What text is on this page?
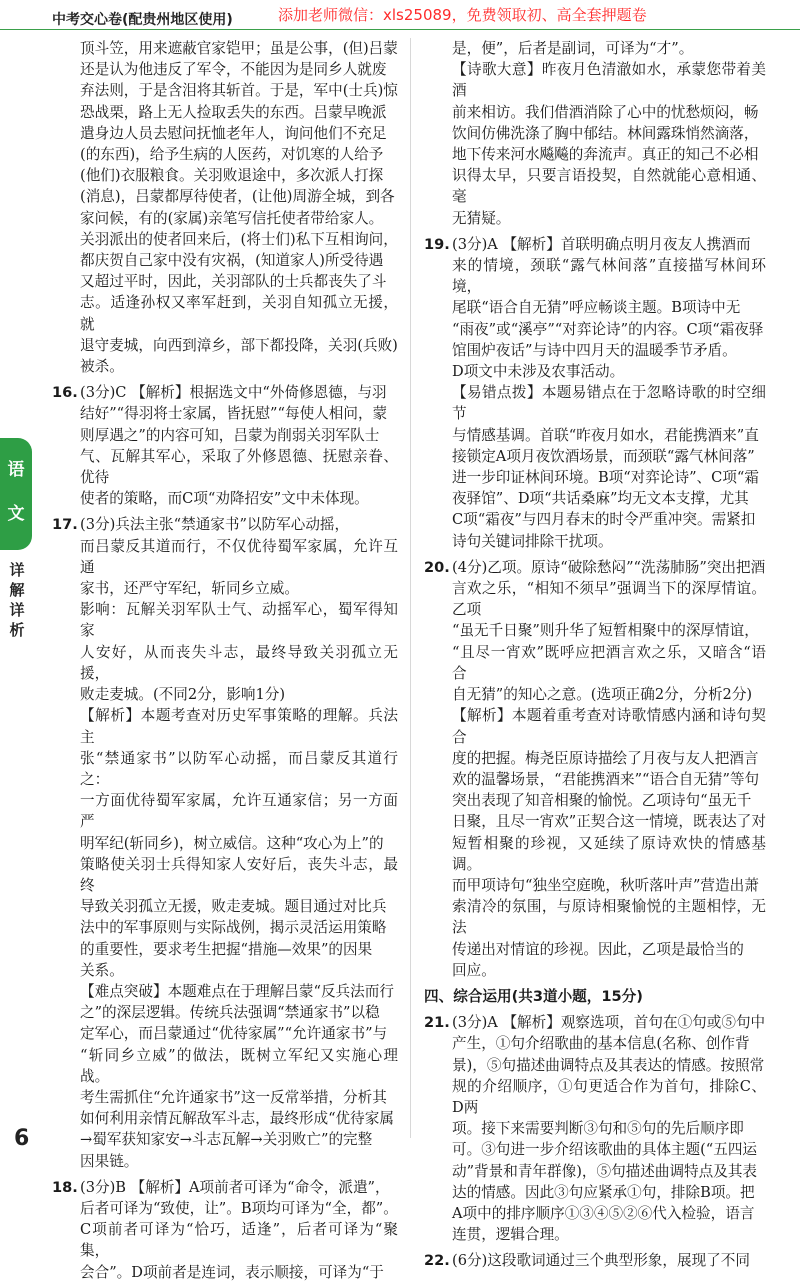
中考交心卷(配贵州地区使用)	添加老师微信：xls25089，免费领取初、高全套押题卷
语
文
详
解
详
析

顶斗笠，用来遮蔽官家铠甲；虽是公事，(但)吕蒙

还是认为他违反了军令，不能因为是同乡人就废

弃法则，于是含泪将其斩首。于是，军中(士兵)惊

恐战栗，路上无人捡取丢失的东西。吕蒙早晚派

遣身边人员去慰问抚恤老年人，询问他们不充足

(的东西)，给予生病的人医药，对饥寒的人给予

(他们)衣服粮食。关羽败退途中，多次派人打探

(消息)，吕蒙都厚待使者，(让他)周游全城，到各

家问候，有的(家属)亲笔写信托使者带给家人。

关羽派出的使者回来后，(将士们)私下互相询问，

都庆贺自己家中没有灾祸，(知道家人)所受待遇

又超过平时，因此，关羽部队的士兵都丧失了斗

志。适逢孙权又率军赶到，关羽自知孤立无援，就

退守麦城，向西到漳乡，部下都投降，关羽(兵败)

被杀。

16. (3分)C 【解析】根据选文中“外倚修恩德，与羽

结好”“得羽将士家属，皆抚慰”“每使人相问，蒙

则厚遇之”的内容可知，吕蒙为削弱关羽军队士

气、瓦解其军心，采取了外修恩德、抚慰亲眷、优待

使者的策略，而C项“劝降招安”文中未体现。

17. (3分)兵法主张“禁通家书”以防军心动摇，

而吕蒙反其道而行，不仅优待蜀军家属，允许互通

家书，还严守军纪，斩同乡立威。

影响：瓦解关羽军队士气、动摇军心，蜀军得知家

人安好，从而丧失斗志，最终导致关羽孤立无援，

败走麦城。(不同2分，影响1分)

【解析】本题考查对历史军事策略的理解。兵法主

张“禁通家书”以防军心动摇，而吕蒙反其道行之：

一方面优待蜀军家属，允许互通家信；另一方面严

明军纪(斩同乡)，树立威信。这种“攻心为上”的

策略使关羽士兵得知家人安好后，丧失斗志，最终

导致关羽孤立无援，败走麦城。题目通过对比兵

法中的军事原则与实际战例，揭示灵活运用策略

的重要性，要求考生把握“措施—效果”的因果

关系。

【难点突破】本题难点在于理解吕蒙“反兵法而行

之”的深层逻辑。传统兵法强调“禁通家书”以稳

定军心，而吕蒙通过“优待家属”“允许通家书”与

“斩同乡立威”的做法，既树立军纪又实施心理战。

考生需抓住“允许通家书”这一反常举措，分析其

如何利用亲情瓦解敌军斗志，最终形成“优待家属

→蜀军获知家安→斗志瓦解→关羽败亡”的完整

因果链。

18. (3分)B 【解析】A项前者可译为“命令，派遣”，

后者可译为“致使，让”。B项均可译为“全，都”。

C项前者可译为“恰巧，适逢”，后者可译为“聚集，

会合”。D项前者是连词，表示顺接，可译为“于

是，便”，后者是副词，可译为“才”。

【诗歌大意】昨夜月色清澈如水，承蒙您带着美酒

前来相访。我们借酒消除了心中的忧愁烦闷，畅

饮间仿佛洗涤了胸中郁结。林间露珠悄然滴落，

地下传来河水飚飚的奔流声。真正的知己不必相

识得太早，只要言语投契，自然就能心意相通、毫

无猜疑。

19. (3分)A 【解析】首联明确点明月夜友人携酒而

来的情境，颈联“露气林间落”直接描写林间环境，

尾联“语合自无猜”呼应畅谈主题。B项诗中无

“雨夜”或“溪亭”“对弈论诗”的内容。C项“霜夜驿

馆围炉夜话”与诗中四月天的温暖季节矛盾。

D项文中未涉及农事活动。

【易错点拨】本题易错点在于忽略诗歌的时空细节

与情感基调。首联“昨夜月如水，君能携酒来”直

接锁定A项月夜饮酒场景，而颈联“露气林间落”

进一步印证林间环境。B项“对弈论诗”、C项“霜

夜驿馆”、D项“共话桑麻”均无文本支撑，尤其

C项“霜夜”与四月春末的时令严重冲突。需紧扣

诗句关键词排除干扰项。

20. (4分)乙项。原诗“破除愁闷”“洗荡肺肠”突出把酒

言欢之乐，“相知不须早”强调当下的深厚情谊。乙项

“虽无千日聚”则升华了短暂相聚中的深厚情谊，

“且尽一宵欢”既呼应把酒言欢之乐，又暗含“语合

自无猜”的知心之意。(选项正确2分，分析2分)

【解析】本题着重考查对诗歌情感内涵和诗句契合

度的把握。梅尧臣原诗描绘了月夜与友人把酒言

欢的温馨场景，“君能携酒来”“语合自无猜”等句

突出表现了知音相聚的愉悦。乙项诗句“虽无千

日聚，且尽一宵欢”正契合这一情境，既表达了对

短暂相聚的珍视，又延续了原诗欢快的情感基调。

而甲项诗句“独坐空庭晚，秋听落叶声”营造出萧

索清冷的氛围，与原诗相聚愉悦的主题相悖，无法

传递出对情谊的珍视。因此，乙项是最恰当的

回应。

四、综合运用(共3道小题，15分)

21. (3分)A 【解析】观察选项，首句在①句或⑤句中

产生，①句介绍歌曲的基本信息(名称、创作背

景)，⑤句描述曲调特点及其表达的情感。按照常

规的介绍顺序，①句更适合作为首句，排除C、D两

项。接下来需要判断③句和⑤句的先后顺序即

可。③句进一步介绍该歌曲的具体主题(“五四运

动”背景和青年群像)，⑤句描述曲调特点及其表

达的情感。因此③句应紧承①句，排除B项。把

A项中的排序顺序①③④⑤②⑥代入检验，语言

连贯，逻辑合理。

22. (6分)这段歌词通过三个典型形象，展现了不同

6
